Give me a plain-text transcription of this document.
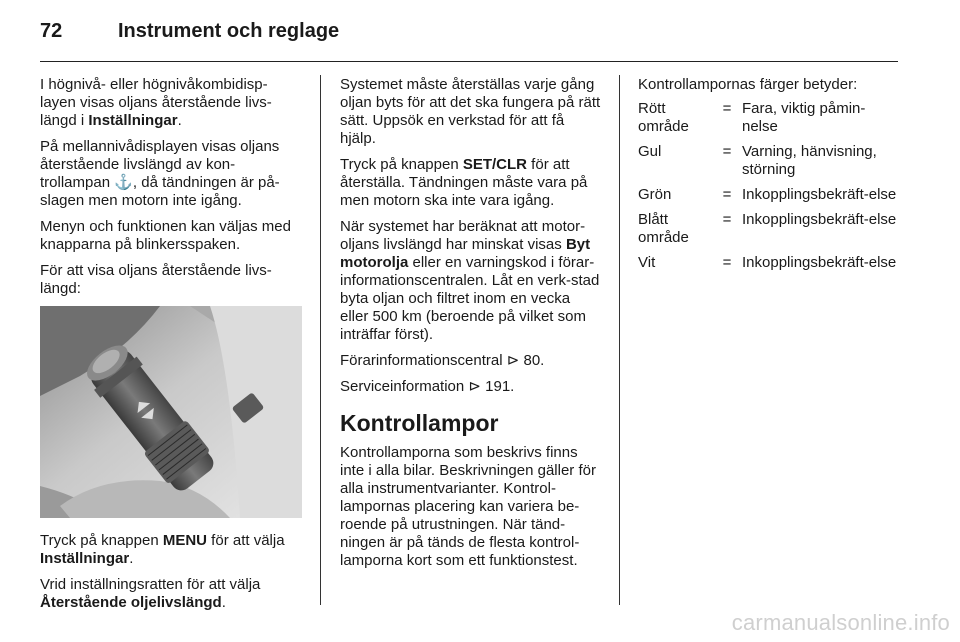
72	Instrument och reglage

I högnivå- eller högnivåkombidisp-layen visas oljans återstående livs-längd i Inställningar.

På mellannivådisplayen visas oljans återstående livslängd av kon-trollampan ⚓, då tändningen är på-slagen men motorn inte igång.

Menyn och funktionen kan väljas med knapparna på blinkersspaken.

För att visa oljans återstående livs-längd:

Tryck på knappen MENU för att välja Inställningar.

Vrid inställningsratten för att välja Återstående oljelivslängd.

Systemet måste återställas varje gång oljan byts för att det ska fungera på rätt sätt. Uppsök en verkstad för att få hjälp.

Tryck på knappen SET/CLR för att återställa. Tändningen måste vara på men motorn ska inte vara igång.

När systemet har beräknat att motor-oljans livslängd har minskat visas Byt motorolja eller en varningskod i förar-informationscentralen. Låt en verk-stad byta oljan och filtret inom en vecka eller 500 km (beroende på vilket som inträffar först).

Förarinformationscentral ⊳ 80.

Serviceinformation ⊳ 191.

Kontrollampor

Kontrollamporna som beskrivs finns inte i alla bilar. Beskrivningen gäller för alla instrumentvarianter. Kontrol-lampornas placering kan variera be-roende på utrustningen. När tänd-ningen är på tänds de flesta kontrol-lamporna kort som ett funktionstest.

Kontrollampornas färger betyder:

Rött område	=	Fara, viktig påmin-nelse
Gul	=	Varning, hänvisning, störning
Grön	=	Inkopplingsbekräft-else
Blått område	=	Inkopplingsbekräft-else
Vit	=	Inkopplingsbekräft-else
carmanualsonline.info
